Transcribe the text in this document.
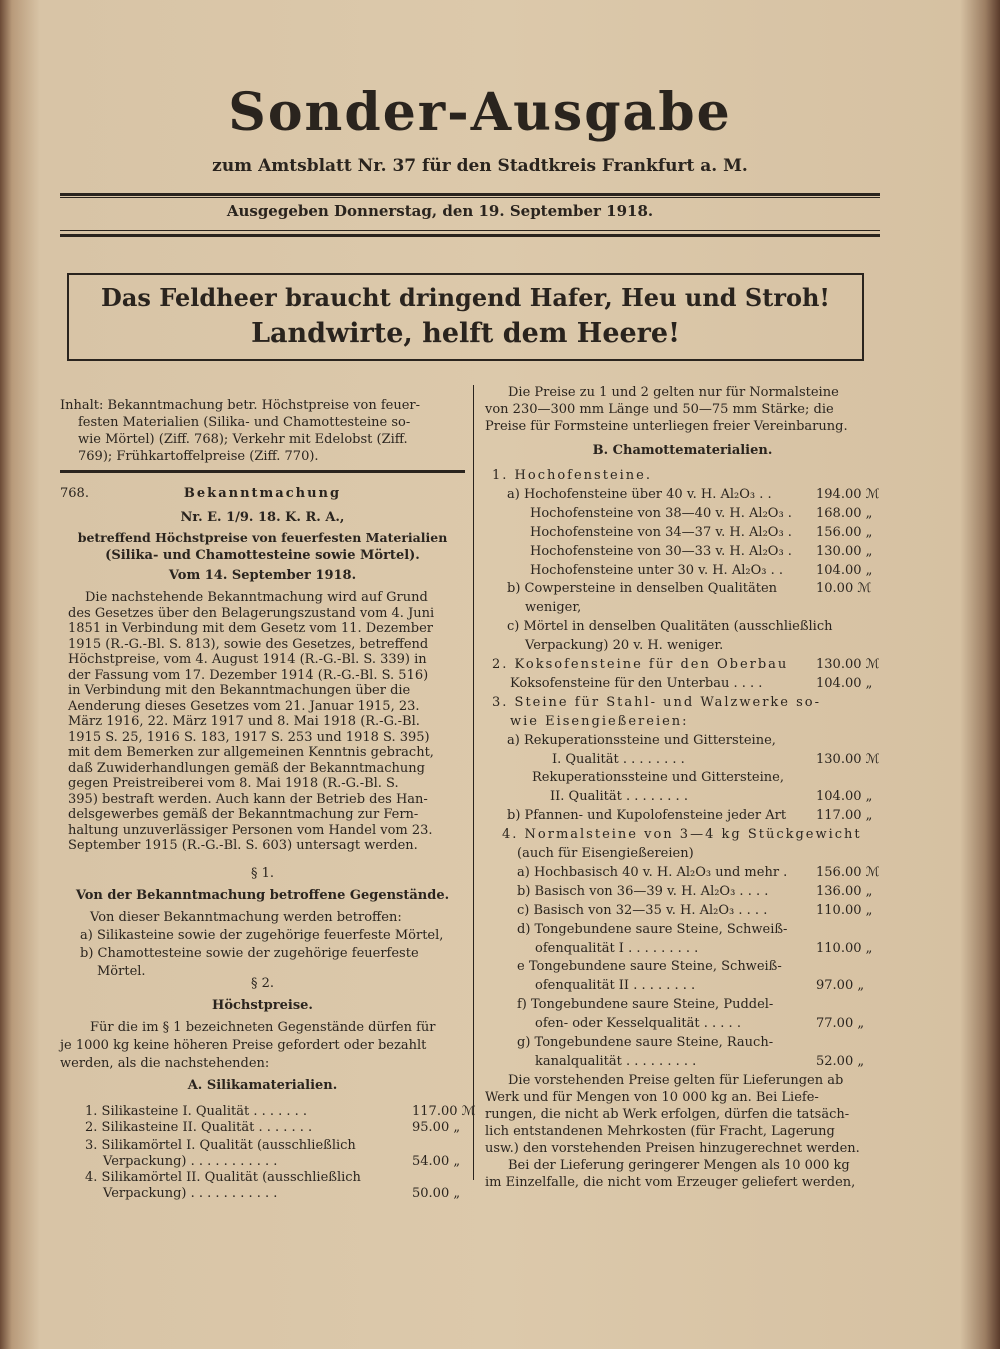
Sonder-Ausgabe
zum Amtsblatt Nr. 37 für den Stadtkreis Frankfurt a. M.
Ausgegeben Donnerstag, den 19. September 1918.
Das Feldheer braucht dringend Hafer, Heu und Stroh!
Landwirte, helft dem Heere!
Inhalt: Bekanntmachung betr. Höchstpreise von feuer-
festen Materialien (Silika- und Chamottesteine so-
wie Mörtel) (Ziff. 768); Verkehr mit Edelobst (Ziff.
769); Frühkartoffelpreise (Ziff. 770).
768.	Bekanntmachung
Nr. E. 1/9. 18. K. R. A.,
betreffend Höchstpreise von feuerfesten Materialien
(Silika- und Chamottesteine sowie Mörtel).
Vom 14. September 1918.
Die nachstehende Bekanntmachung wird auf Grund
des Gesetzes über den Belagerungszustand vom 4. Juni
1851 in Verbindung mit dem Gesetz vom 11. Dezember
1915 (R.-G.-Bl. S. 813), sowie des Gesetzes, betreffend
Höchstpreise, vom 4. August 1914 (R.-G.-Bl. S. 339) in
der Fassung vom 17. Dezember 1914 (R.-G.-Bl. S. 516)
in Verbindung mit den Bekanntmachungen über die
Aenderung dieses Gesetzes vom 21. Januar 1915, 23.
März 1916, 22. März 1917 und 8. Mai 1918 (R.-G.-Bl.
1915 S. 25, 1916 S. 183, 1917 S. 253 und 1918 S. 395)
mit dem Bemerken zur allgemeinen Kenntnis gebracht,
daß Zuwiderhandlungen gemäß der Bekanntmachung
gegen Preistreiberei vom 8. Mai 1918 (R.-G.-Bl. S.
395) bestraft werden. Auch kann der Betrieb des Han-
delsgewerbes gemäß der Bekanntmachung zur Fern-
haltung unzuverlässiger Personen vom Handel vom 23.
September 1915 (R.-G.-Bl. S. 603) untersagt werden.
§ 1.
Von der Bekanntmachung betroffene Gegenstände.
Von dieser Bekanntmachung werden betroffen:
a) Silikasteine sowie der zugehörige feuerfeste Mörtel,
b) Chamottesteine sowie der zugehörige feuerfeste
Mörtel.
§ 2.
Höchstpreise.
Für die im § 1 bezeichneten Gegenstände dürfen für
je 1000 kg keine höheren Preise gefordert oder bezahlt
werden, als die nachstehenden:
A. Silikamaterialien.
1. Silikasteine I. Qualität . . . . . . .	117.00 ℳ
2. Silikasteine II. Qualität . . . . . . .	95.00 „
3. Silikamörtel I. Qualität (ausschließlich
Verpackung) . . . . . . . . . . .	54.00 „
4. Silikamörtel II. Qualität (ausschließlich
Verpackung) . . . . . . . . . . .	50.00 „
Die Preise zu 1 und 2 gelten nur für Normalsteine
von 230—300 mm Länge und 50—75 mm Stärke; die
Preise für Formsteine unterliegen freier Vereinbarung.
B. Chamottematerialien.
1. Hochofensteine.
a) Hochofensteine über 40 v. H. Al₂O₃ . .	194.00 ℳ
Hochofensteine von 38—40 v. H. Al₂O₃ . 168.00 „
Hochofensteine von 34—37 v. H. Al₂O₃ . 156.00 „
Hochofensteine von 30—33 v. H. Al₂O₃ . 130.00 „
Hochofensteine unter 30 v. H. Al₂O₃ . .	104.00 „
b) Cowpersteine in denselben Qualitäten	10.00 ℳ
weniger,
c) Mörtel in denselben Qualitäten (ausschließlich
Verpackung) 20 v. H. weniger.
2. Koksofensteine für den Oberbau 130.00 ℳ
Koksofensteine für den Unterbau . . . .	104.00 „
3. Steine für Stahl- und Walzwerke so-
wie Eisengießereien:
a) Rekuperationssteine und Gittersteine,
I. Qualität . . . . . . . .	130.00 ℳ
Rekuperationssteine und Gittersteine,
II. Qualität . . . . . . . .	104.00 „
b) Pfannen- und Kupolofensteine jeder Art 117.00 „
4. Normalsteine von 3—4 kg Stückgewicht
(auch für Eisengießereien)
a) Hochbasisch 40 v. H. Al₂O₃ und mehr . 156.00 ℳ
b) Basisch von 36—39 v. H. Al₂O₃ . . . .	136.00 „
c) Basisch von 32—35 v. H. Al₂O₃ . . . .	110.00 „
d) Tongebundene saure Steine, Schweiß-
ofenqualität I . . . . . . . . .	110.00 „
e Tongebundene saure Steine, Schweiß-
ofenqualität II . . . . . . . .	97.00 „
f) Tongebundene saure Steine, Puddel-
ofen- oder Kesselqualität . . . . .	77.00 „
g) Tongebundene saure Steine, Rauch-
kanalqualität . . . . . . . . .	52.00 „
Die vorstehenden Preise gelten für Lieferungen ab
Werk und für Mengen von 10 000 kg an. Bei Liefe-
rungen, die nicht ab Werk erfolgen, dürfen die tatsäch-
lich entstandenen Mehrkosten (für Fracht, Lagerung
usw.) den vorstehenden Preisen hinzugerechnet werden.
Bei der Lieferung geringerer Mengen als 10 000 kg
im Einzelfalle, die nicht vom Erzeuger geliefert werden,
